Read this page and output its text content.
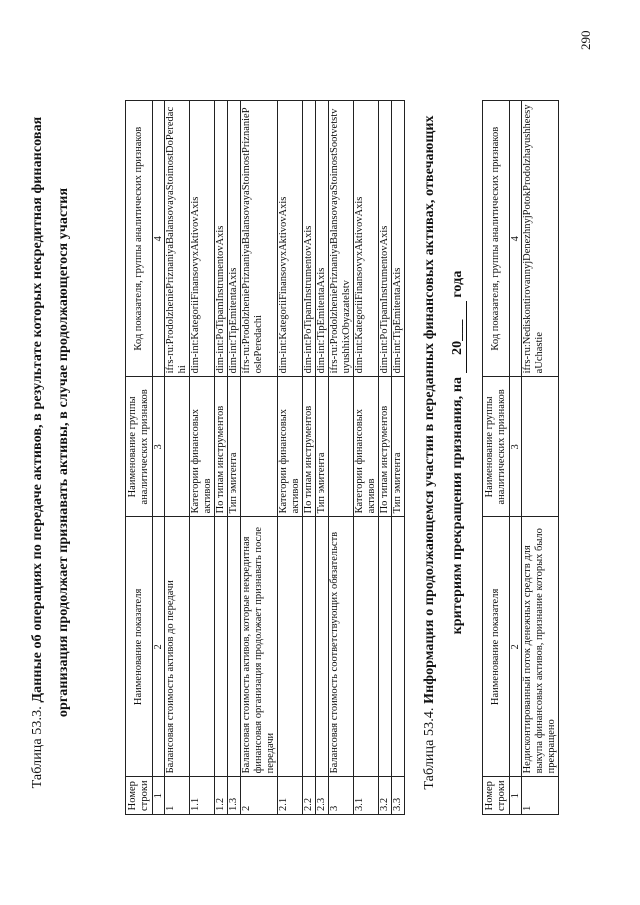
290
Таблица 53.3. Данные об операциях по передаче активов, в результате которых некредитная финансовая организация продолжает признавать активы, в случае продолжающегося участия
Номер строки	Наименование показателя	Наименование группы аналитических признаков	Код показателя, группы аналитических признаков
1	2	3	4
1	Балансовая стоимость активов до передачи		ifrs-ru:ProdolzheniePriznaniyaBalansovayaStoimostDoPeredachi
1.1		Категории финансовых активов	dim-int:KategoriiFinansovyxAktivovAxis
1.2		По типам инструментов	dim-int:PoTipamInstrumentovAxis
1.3		Тип эмитента	dim-int:TipEmitentaAxis
2	Балансовая стоимость активов, которые некредитная финансовая организация продолжает признавать после передачи		ifrs-ru:ProdolzheniePriznaniyaBalansovayaStoimostPriznaniePoslePeredachi
2.1		Категории финансовых активов	dim-int:KategoriiFinansovyxAktivovAxis
2.2		По типам инструментов	dim-int:PoTipamInstrumentovAxis
2.3		Тип эмитента	dim-int:TipEmitentaAxis
3	Балансовая стоимость соответствующих обязательств		ifrs-ru:ProdolzheniePriznaniyaBalansovayaStoimostSootvetstvuyushhixObyazatelstv
3.1		Категории финансовых активов	dim-int:KategoriiFinansovyxAktivovAxis
3.2		По типам инструментов	dim-int:PoTipamInstrumentovAxis
3.3		Тип эмитента	dim-int:TipEmitentaAxis
Таблица 53.4. Информация о продолжающемся участии в переданных финансовых активах, отвечающих критериям прекращения признания, на 20___ года
Номер строки	Наименование показателя	Наименование группы аналитических признаков	Код показателя, группы аналитических признаков
1	2	3	4
1	Недисконтированный поток денежных средств для выкупа финансовых активов, признание которых было прекращено		ifrs-ru:NediskontirovannyjDenezhnyjPotokProdolzhayushheesyaUchastie
